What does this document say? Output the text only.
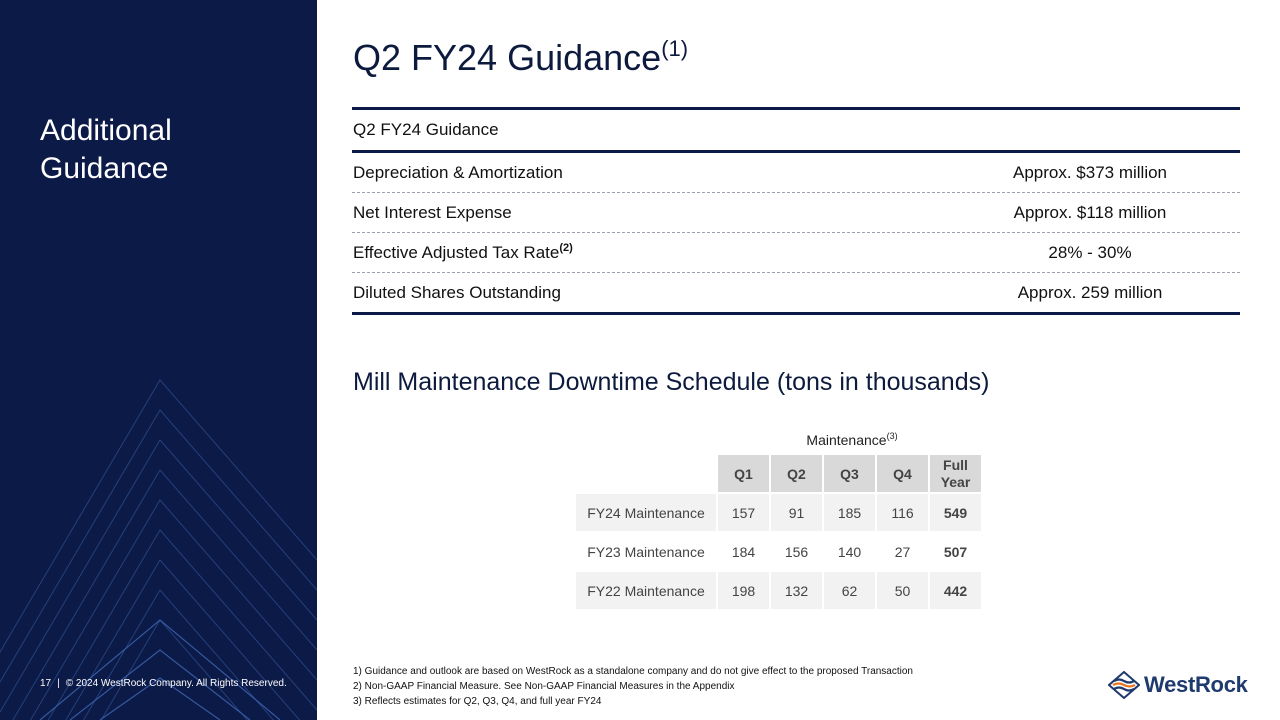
Additional
Guidance
17 | © 2024 WestRock Company. All Rights Reserved.
Q2 FY24 Guidance$^{(1)}$
Q2 FY24 Guidance
Depreciation & Amortization	Approx. $373 million
Net Interest Expense	Approx. $118 million
Effective Adjusted Tax Rate$^{(2)}$	28% - 30%
Diluted Shares Outstanding	Approx. 259 million
Mill Maintenance Downtime Schedule (tons in thousands)
Maintenance$^{(3)}$
	Q1	Q2	Q3	Q4	Full
Year

FY24 Maintenance	157	91	185	116	549
FY23 Maintenance	184	156	140	27	507
FY22 Maintenance	198	132	62	50	442
1) Guidance and outlook are based on WestRock as a standalone company and do not give effect to the proposed Transaction
2) Non-GAAP Financial Measure. See Non-GAAP Financial Measures in the Appendix
3) Reflects estimates for Q2, Q3, Q4, and full year FY24
WestRock
